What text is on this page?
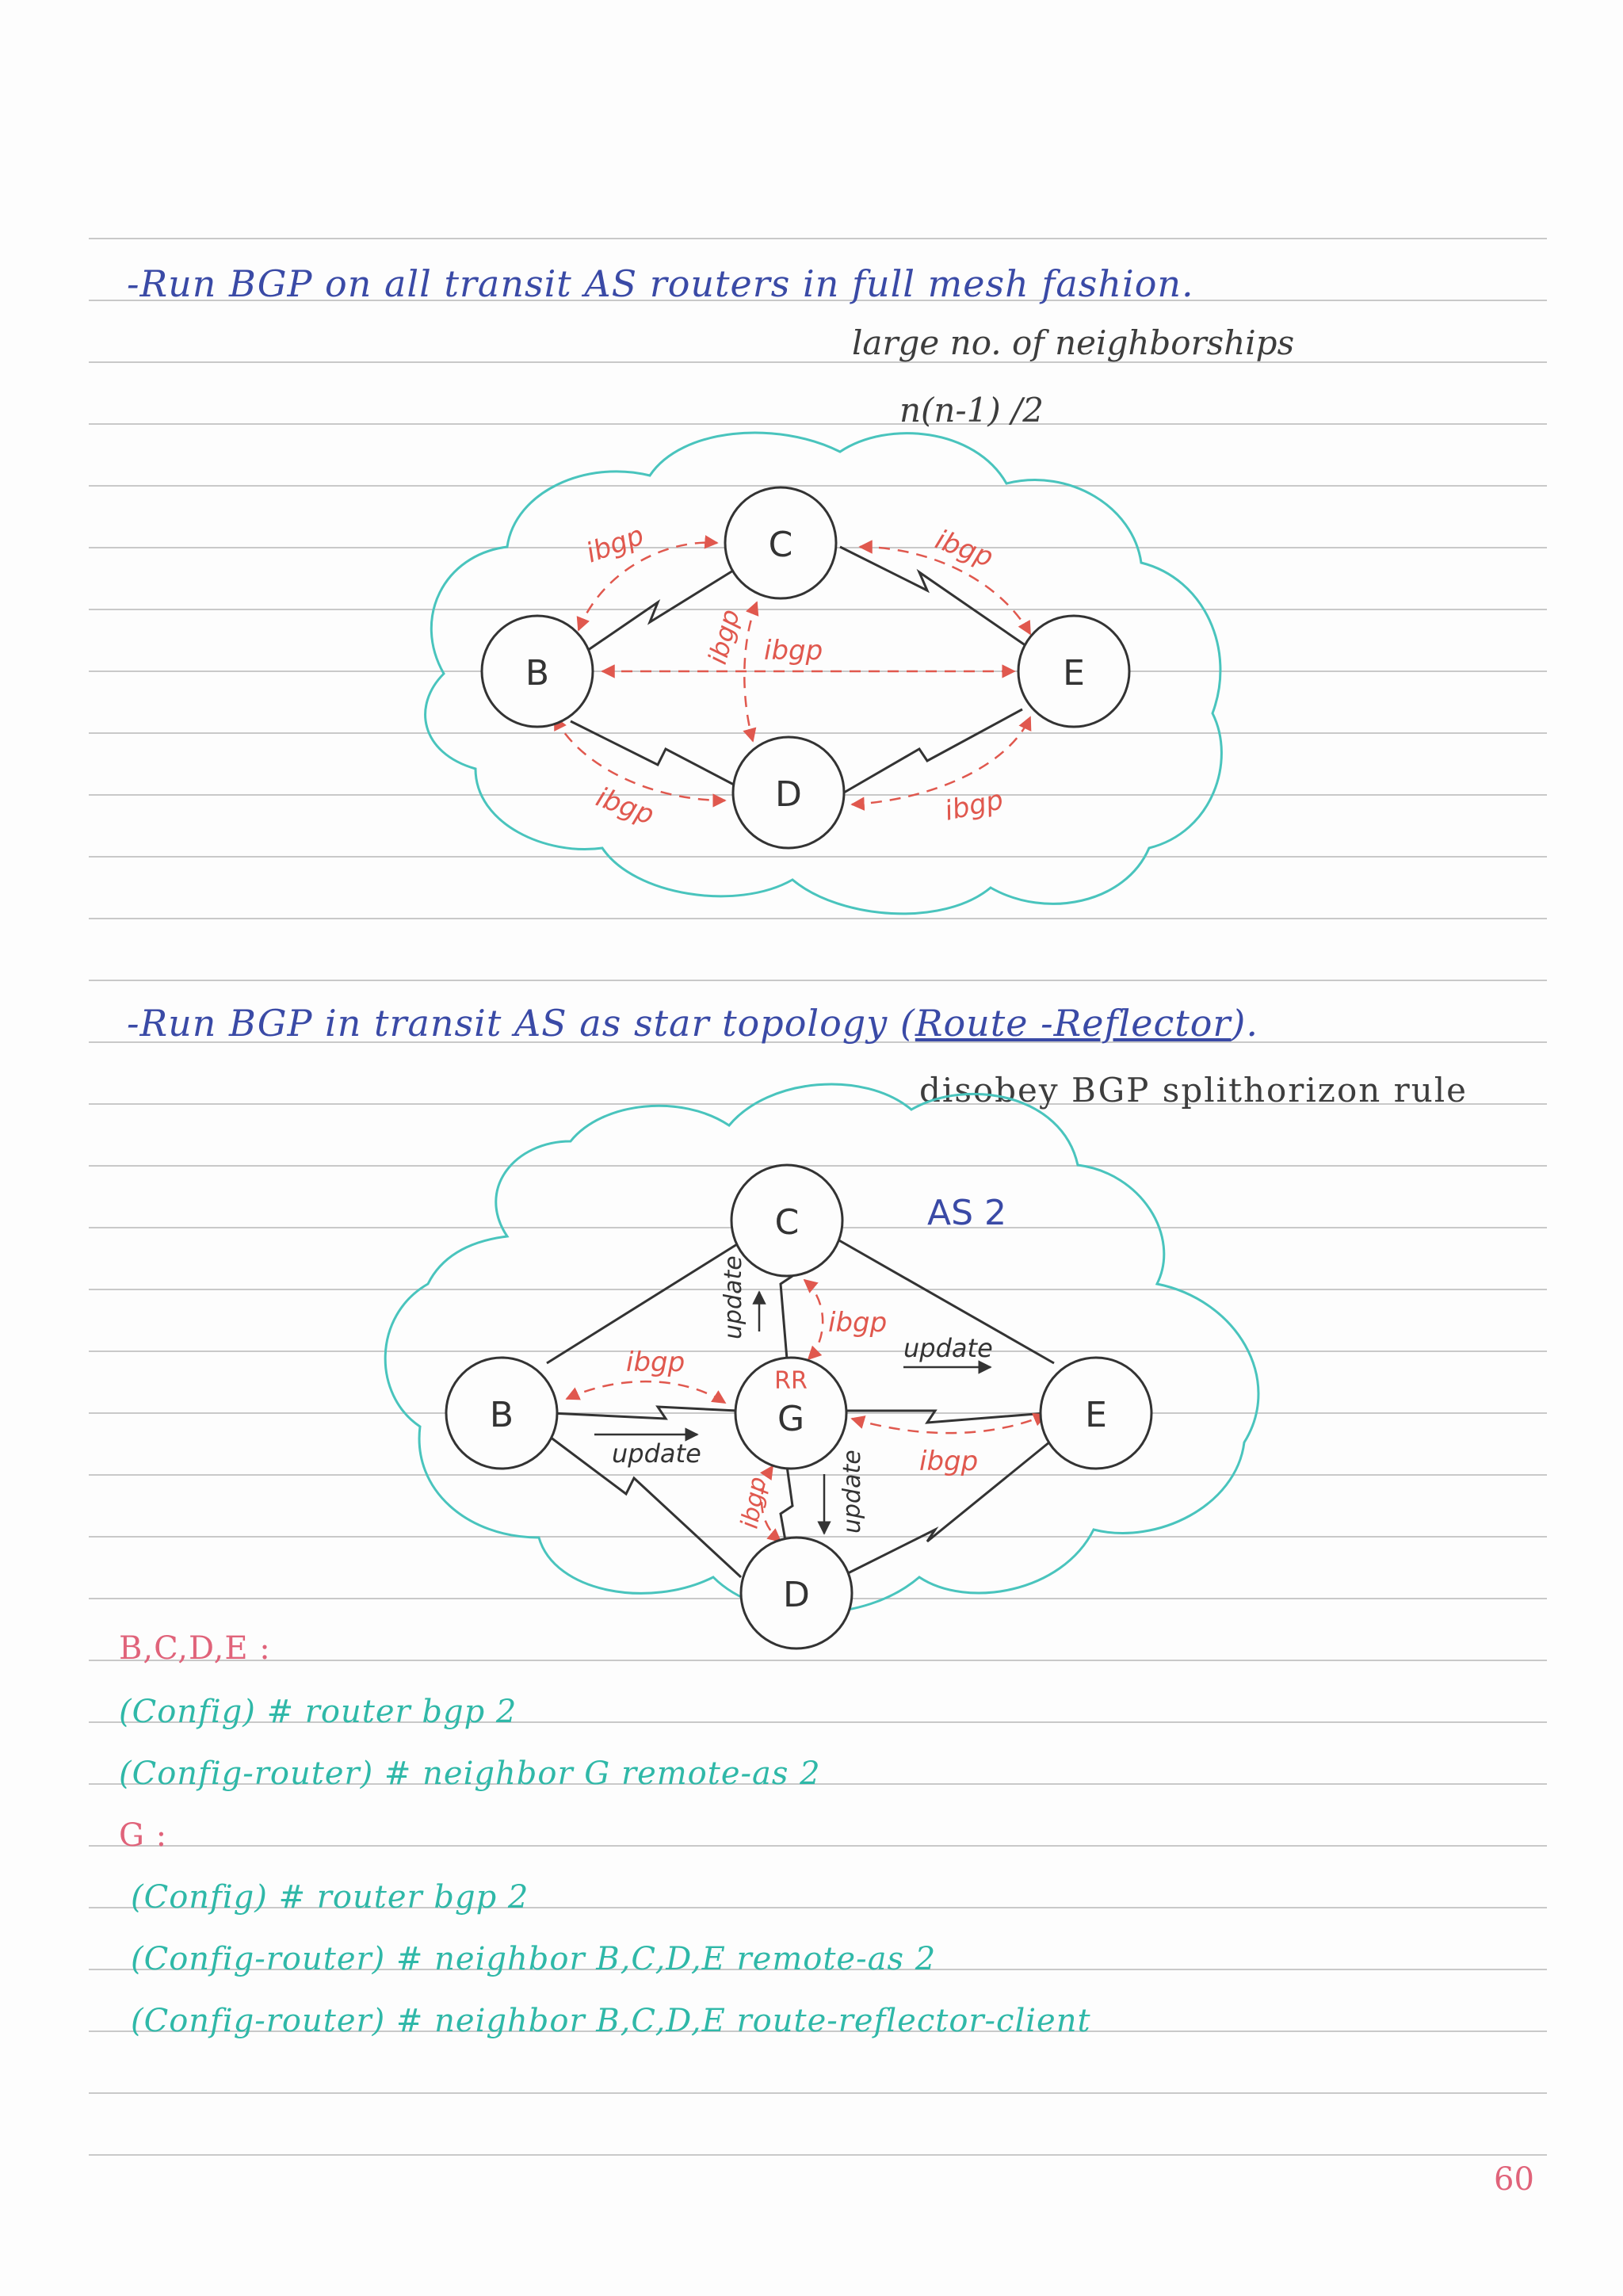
-Run BGP on all transit AS routers in full mesh fashion.
large no. of neighborships
n(n-1) /2
-Run BGP in transit AS as star topology (Route -Reflector).
disobey BGP splithorizon rule
B
C
D
E
ibgp	ibgp
ibgp
ibgp
ibgp	ibgp
C
B
RR
G	E
D
AS 2
ibgp
ibgp
ibgp
ibgp
update
update
update
update
B,C,D,E :
(Config) # router bgp 2
(Config-router) # neighbor G remote-as 2
G :
(Config) # router bgp 2
(Config-router) # neighbor B,C,D,E remote-as 2
(Config-router) # neighbor B,C,D,E route-reflector-client
60
